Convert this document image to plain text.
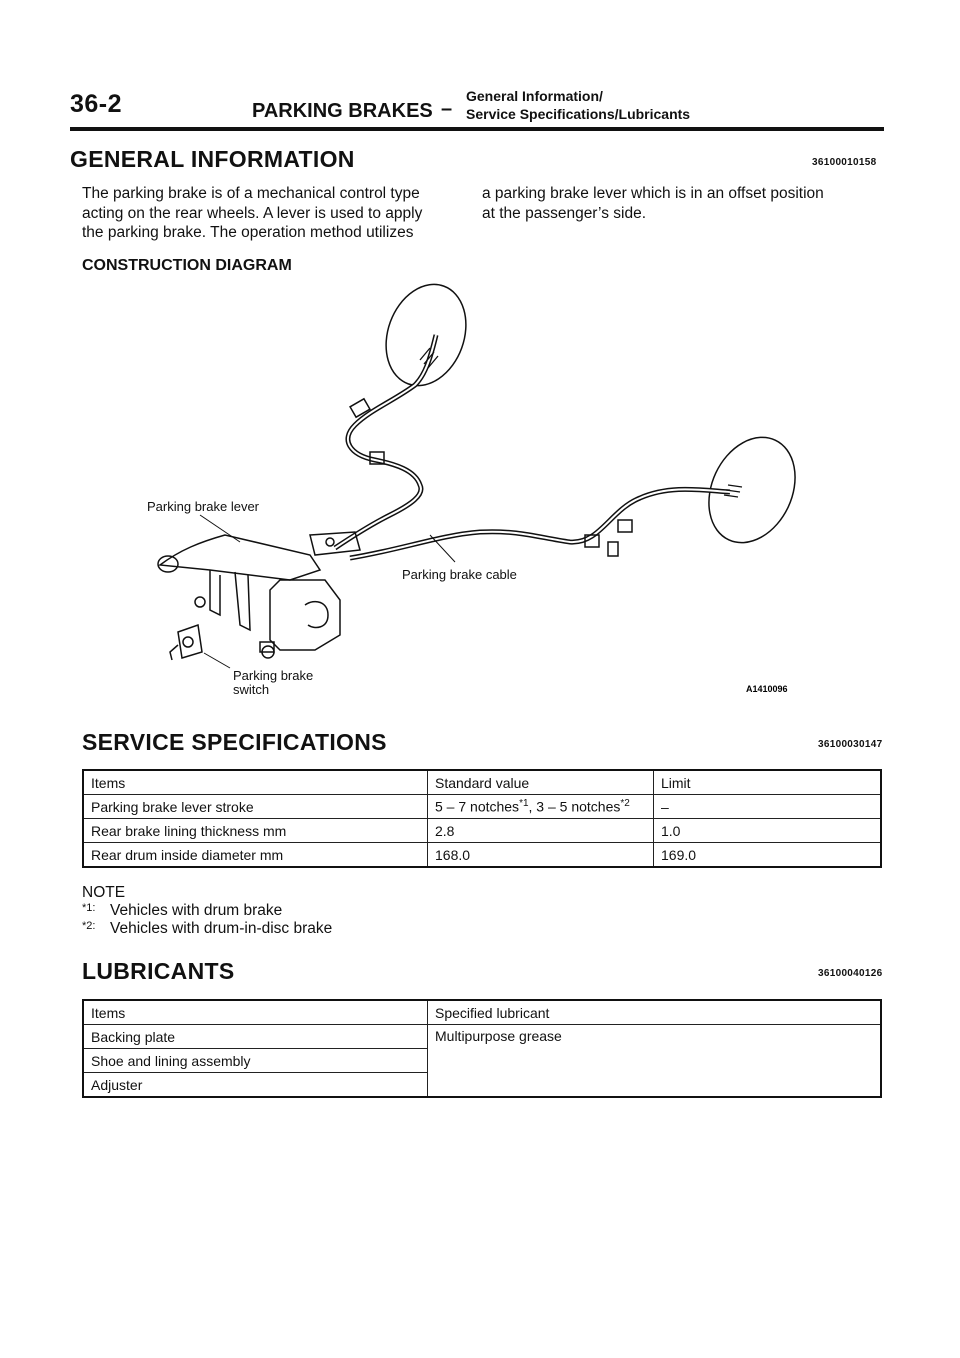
36-2	PARKING BRAKES –
General Information/
Service Specifications/Lubricants
GENERAL INFORMATION	36100010158
The parking brake is of a mechanical control type
acting on the rear wheels. A lever is used to apply
the parking brake. The operation method utilizes
a parking brake lever which is in an offset position
at the passenger’s side.
CONSTRUCTION DIAGRAM
Parking brake lever
Parking brake cable
Parking brake
switch	A1410096
SERVICE SPECIFICATIONS	36100030147
Items	Standard value	Limit
Parking brake lever stroke	5 – 7 notches$^{*1}$, 3 – 5 notches$^{*2}$	–
Rear brake lining thickness mm	2.8	1.0
Rear drum inside diameter mm	168.0	169.0
NOTE
*1: Vehicles with drum brake
*2: Vehicles with drum-in-disc brake
LUBRICANTS	36100040126
Items	Specified lubricant
Backing plate	Multipurpose grease
Shoe and lining assembly	
Adjuster	
